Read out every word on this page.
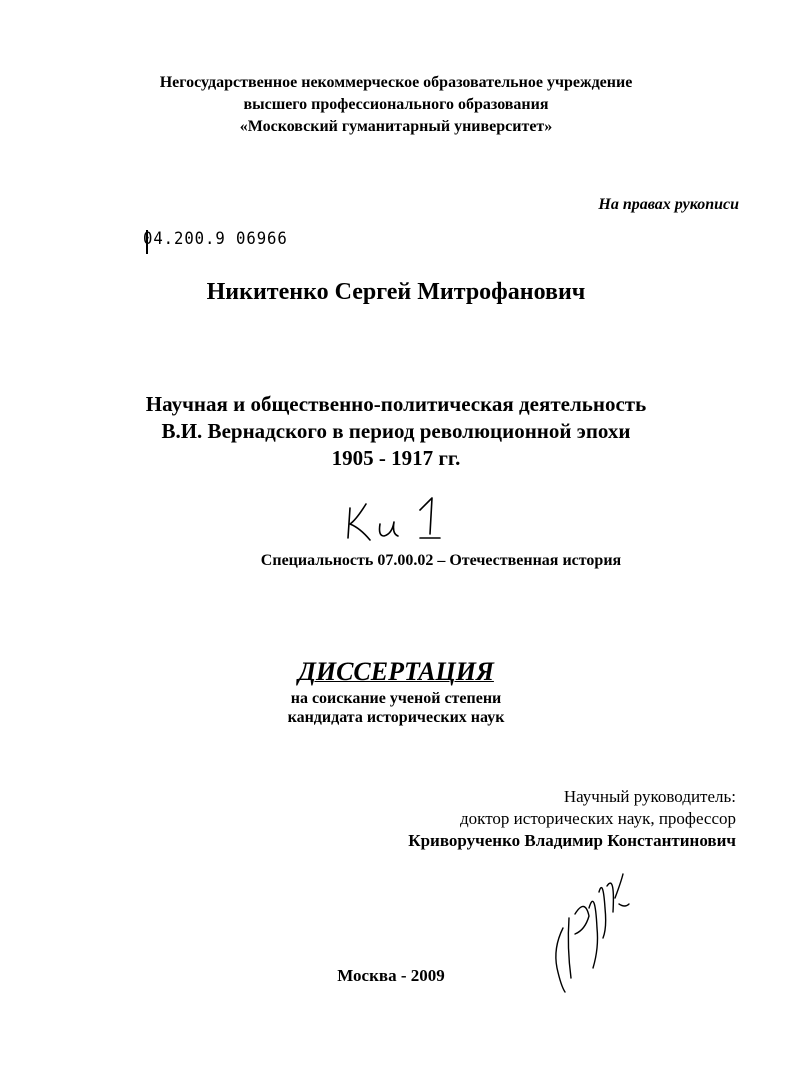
Негосударственное некоммерческое образовательное учреждение
высшего профессионального образования
«Московский гуманитарный университет»
На правах рукописи
04.200.9 06966
Никитенко Сергей Митрофанович
Научная и общественно-политическая деятельность
В.И. Вернадского в период революционной эпохи
1905 - 1917 гг.
Специальность 07.00.02 – Отечественная история
ДИССЕРТАЦИЯ
на соискание ученой степени
кандидата исторических наук
Научный руководитель:
доктор исторических наук, профессор
Криворученко Владимир Константинович
Москва - 2009
